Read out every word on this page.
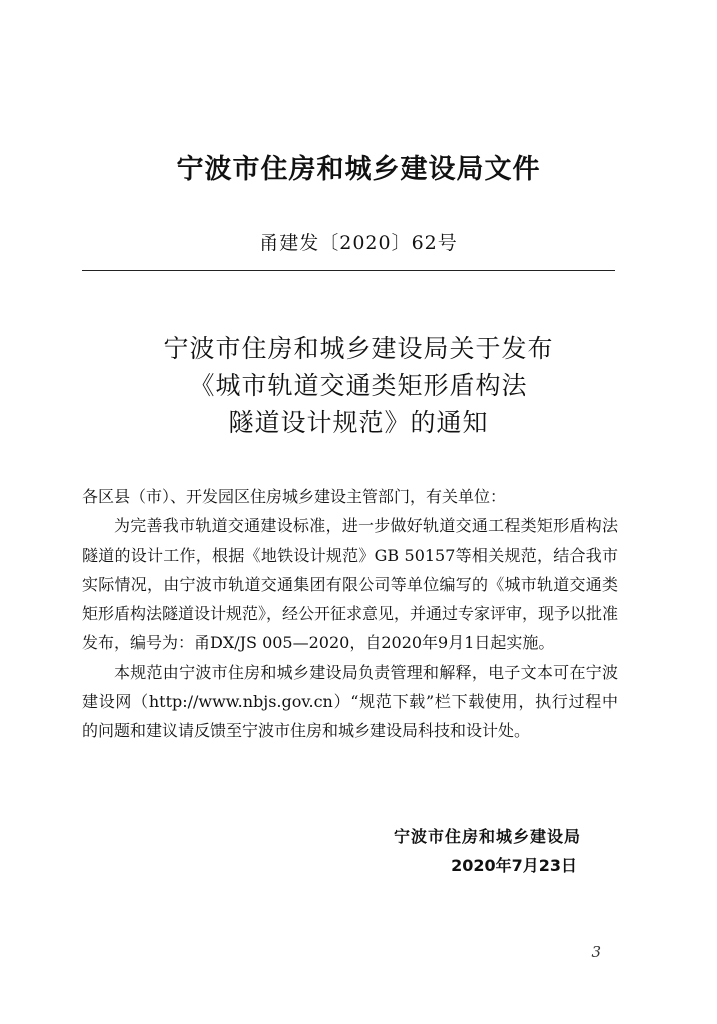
宁波市住房和城乡建设局文件
甬建发〔2020〕62号
宁波市住房和城乡建设局关于发布
《城市轨道交通类矩形盾构法
隧道设计规范》的通知

各区县（市）、开发园区住房城乡建设主管部门，有关单位：

为完善我市轨道交通建设标准，进一步做好轨道交通工程类矩形盾构法隧道的设计工作，根据《地铁设计规范》GB 50157等相关规范，结合我市实际情况，由宁波市轨道交通集团有限公司等单位编写的《城市轨道交通类矩形盾构法隧道设计规范》，经公开征求意见，并通过专家评审，现予以批准发布，编号为：甬DX/JS 005—2020，自2020年9月1日起实施。

本规范由宁波市住房和城乡建设局负责管理和解释，电子文本可在宁波建设网（http://www.nbjs.gov.cn）“规范下载”栏下载使用，执行过程中的问题和建议请反馈至宁波市住房和城乡建设局科技和设计处。

宁波市住房和城乡建设局
2020年7月23日
3
